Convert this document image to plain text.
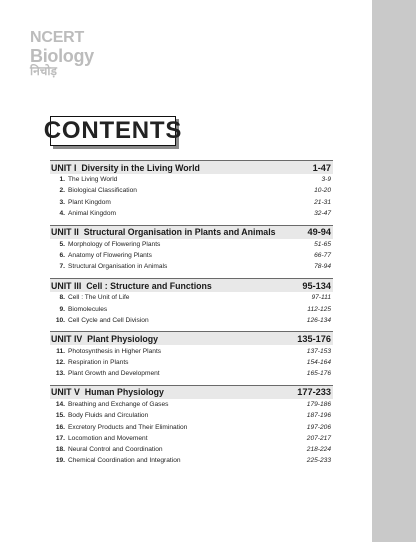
NCERT
Biology
निचोड़
CONTENTS
UNIT I Diversity in the Living World	1-47
1. The Living World	3-9
2. Biological Classification	10-20
3. Plant Kingdom	21-31
4. Animal Kingdom	32-47
UNIT II Structural Organisation in Plants and Animals	49-94
5. Morphology of Flowering Plants	51-65
6. Anatomy of Flowering Plants	66-77
7. Structural Organisation in Animals	78-94
UNIT III Cell : Structure and Functions	95-134
8. Cell : The Unit of Life	97-111
9. Biomolecules	112-125
10. Cell Cycle and Cell Division	126-134
UNIT IV Plant Physiology	135-176
11. Photosynthesis in Higher Plants	137-153
12. Respiration in Plants	154-164
13. Plant Growth and Development	165-176
UNIT V Human Physiology	177-233
14. Breathing and Exchange of Gases	179-186
15. Body Fluids and Circulation	187-196
16. Excretory Products and Their Elimination	197-206
17. Locomotion and Movement	207-217
18. Neural Control and Coordination	218-224
19. Chemical Coordination and Integration	225-233
